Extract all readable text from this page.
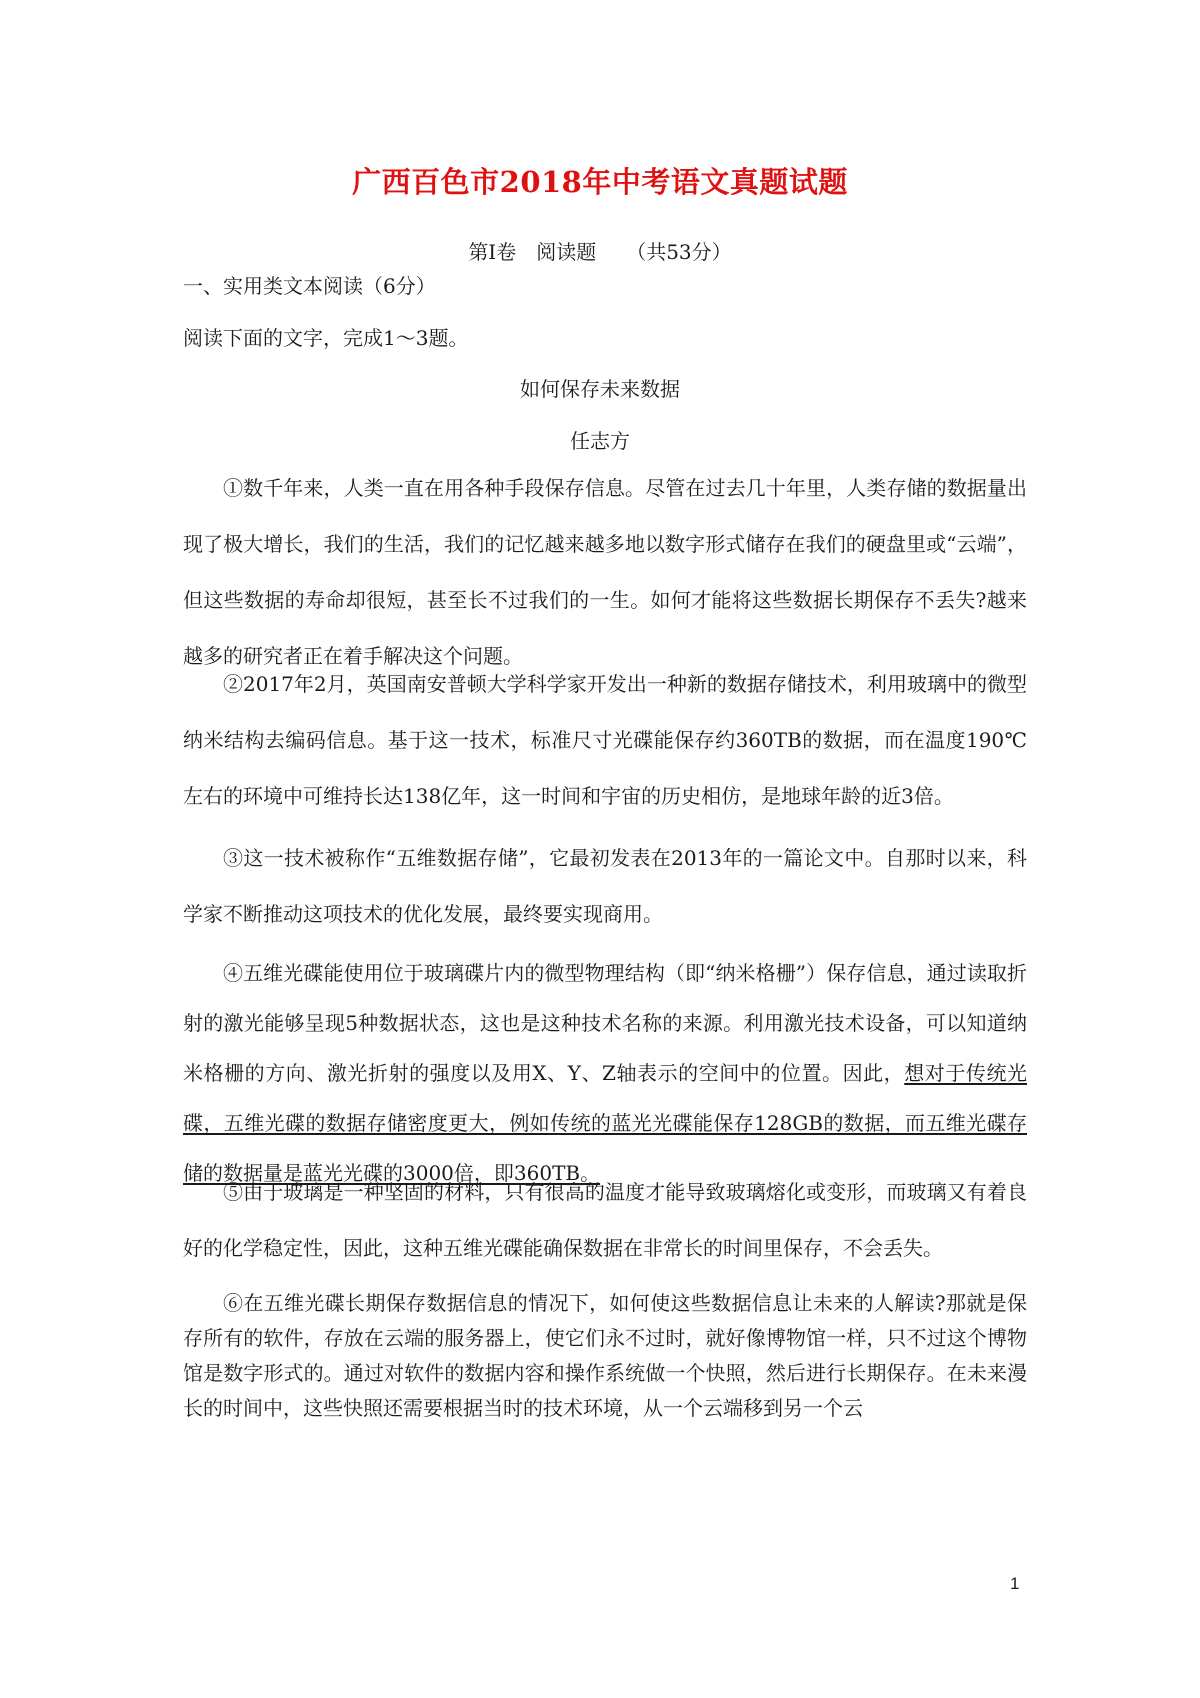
广西百色市2018年中考语文真题试题
第Ⅰ卷　阅读题　　（共53分）
一、实用类文本阅读（6分）
阅读下面的文字，完成1～3题。
如何保存未来数据
任志方

①数千年来，人类一直在用各种手段保存信息。尽管在过去几十年里，人类存储的数据量出现了极大增长，我们的生活，我们的记忆越来越多地以数字形式储存在我们的硬盘里或“云端”，但这些数据的寿命却很短，甚至长不过我们的一生。如何才能将这些数据长期保存不丢失?越来越多的研究者正在着手解决这个问题。

②2017年2月，英国南安普顿大学科学家开发出一种新的数据存储技术，利用玻璃中的微型纳米结构去编码信息。基于这一技术，标准尺寸光碟能保存约360TB的数据，而在温度190℃左右的环境中可维持长达138亿年，这一时间和宇宙的历史相仿，是地球年龄的近3倍。

③这一技术被称作“五维数据存储”，它最初发表在2013年的一篇论文中。自那时以来，科学家不断推动这项技术的优化发展，最终要实现商用。

④五维光碟能使用位于玻璃碟片内的微型物理结构（即“纳米格栅”）保存信息，通过读取折射的激光能够呈现5种数据状态，这也是这种技术名称的来源。利用激光技术设备，可以知道纳米格栅的方向、激光折射的强度以及用X、Y、Z轴表示的空间中的位置。因此，想对于传统光碟，五维光碟的数据存储密度更大，例如传统的蓝光光碟能保存128GB的数据，而五维光碟存储的数据量是蓝光光碟的3000倍，即360TB。

⑤由于玻璃是一种坚固的材料，只有很高的温度才能导致玻璃熔化或变形，而玻璃又有着良好的化学稳定性，因此，这种五维光碟能确保数据在非常长的时间里保存，不会丢失。

⑥在五维光碟长期保存数据信息的情况下，如何使这些数据信息让未来的人解读?那就是保存所有的软件，存放在云端的服务器上，使它们永不过时，就好像博物馆一样，只不过这个博物馆是数字形式的。通过对软件的数据内容和操作系统做一个快照，然后进行长期保存。在未来漫长的时间中，这些快照还需要根据当时的技术环境，从一个云端移到另一个云

1
